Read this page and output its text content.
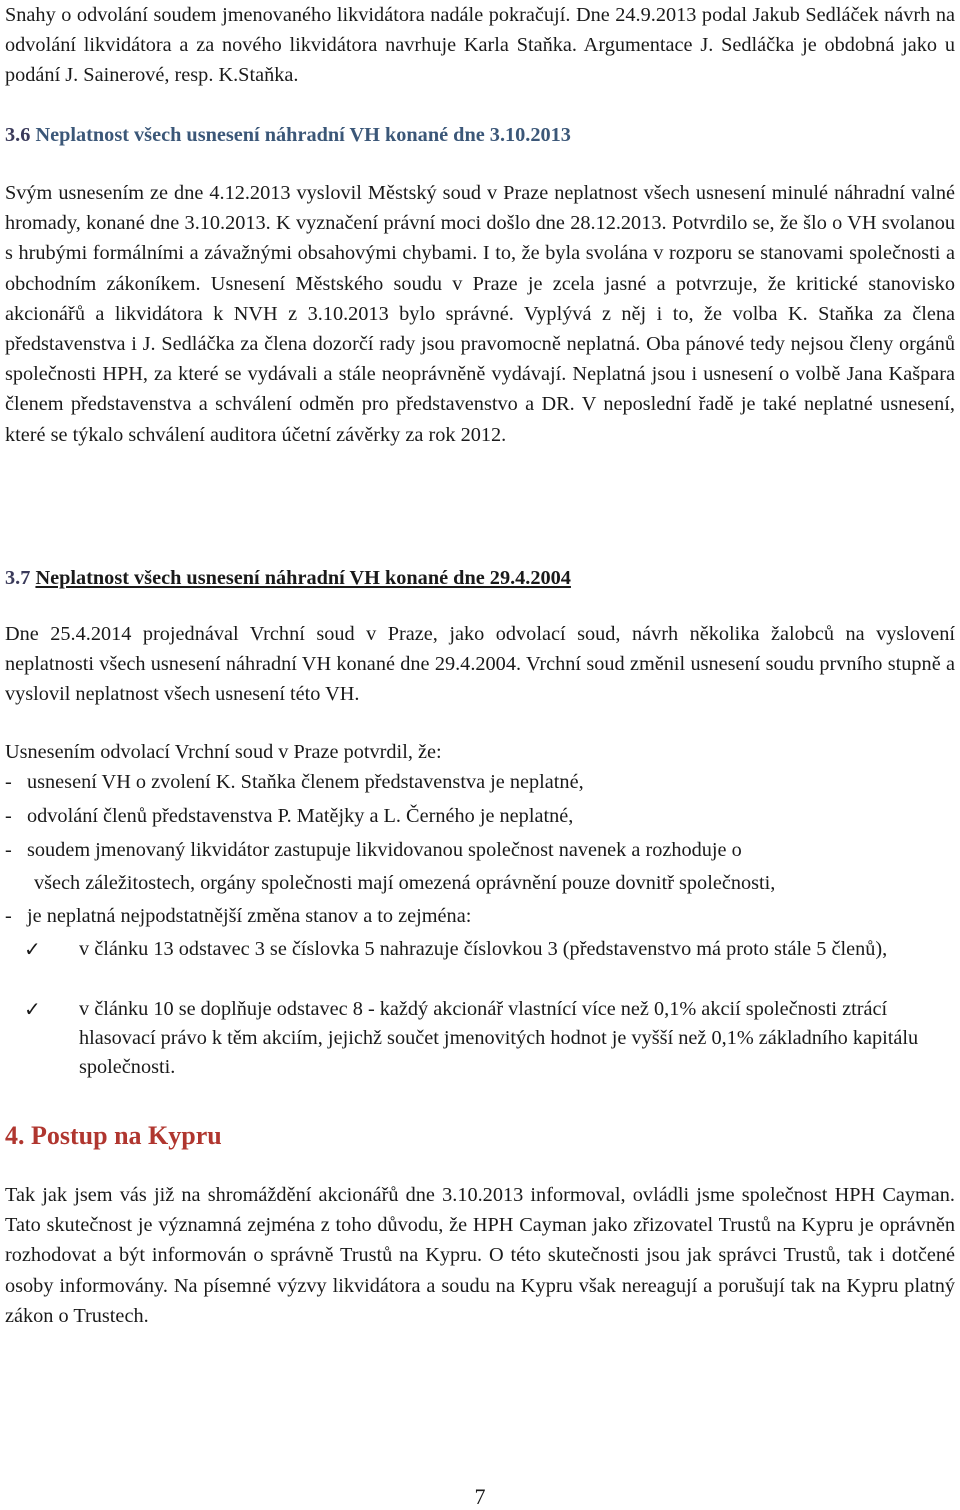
Snahy o odvolání soudem jmenovaného likvidátora nadále pokračují. Dne 24.9.2013 podal Jakub Sedláček návrh na odvolání likvidátora a za nového likvidátora navrhuje Karla Staňka. Argumentace J. Sedláčka je obdobná jako u podání J. Sainerové, resp. K.Staňka.

3.6 Neplatnost všech usnesení náhradní VH konané dne 3.10.2013

Svým usnesením ze dne 4.12.2013 vyslovil Městský soud v Praze neplatnost všech usnesení minulé náhradní valné hromady, konané dne 3.10.2013. K vyznačení právní moci došlo dne 28.12.2013. Potvrdilo se, že šlo o VH svolanou s hrubými formálními a závažnými obsahovými chybami. I to, že byla svolána v rozporu se stanovami společnosti a obchodním zákoníkem. Usnesení Městského soudu v Praze je zcela jasné a potvrzuje, že kritické stanovisko akcionářů a likvidátora k NVH z 3.10.2013 bylo správné. Vyplývá z něj i to, že volba K. Staňka za člena představenstva i J. Sedláčka za člena dozorčí rady jsou pravomocně neplatná. Oba pánové tedy nejsou členy orgánů společnosti HPH, za které se vydávali a stále neoprávněně vydávají. Neplatná jsou i usnesení o volbě Jana Kašpara členem představenstva a schválení odměn pro představenstvo a DR. V neposlední řadě je také neplatné usnesení, které se týkalo schválení auditora účetní závěrky za rok 2012.

3.7 Neplatnost všech usnesení náhradní VH konané dne 29.4.2004

Dne 25.4.2014 projednával Vrchní soud v Praze, jako odvolací soud, návrh několika žalobců na vyslovení neplatnosti všech usnesení náhradní VH konané dne 29.4.2004. Vrchní soud změnil usnesení soudu prvního stupně a vyslovil neplatnost všech usnesení této VH.

Usnesením odvolací Vrchní soud v Praze potvrdil, že:

- usnesení VH o zvolení K. Staňka členem představenstva je neplatné,

- odvolání členů představenstva P. Matějky a L. Černého je neplatné,

- soudem jmenovaný likvidátor zastupuje likvidovanou společnost navenek a rozhoduje o

všech záležitostech, orgány společnosti mají omezená oprávnění pouze dovnitř společnosti,

- je neplatná nejpodstatnější změna stanov a to zejména:

✓ v článku 13 odstavec 3 se číslovka 5 nahrazuje číslovkou 3 (představenstvo má proto stále 5 členů),
✓ v článku 10 se doplňuje odstavec 8 - každý akcionář vlastnící více než 0,1% akcií společnosti ztrácí hlasovací právo k těm akciím, jejichž součet jmenovitých hodnot je vyšší než 0,1% základního kapitálu společnosti.
4. Postup na Kypru

Tak jak jsem vás již na shromáždění akcionářů dne 3.10.2013 informoval, ovládli jsme společnost HPH Cayman. Tato skutečnost je významná zejména z toho důvodu, že HPH Cayman jako zřizovatel Trustů na Kypru je oprávněn rozhodovat a být informován o správně Trustů na Kypru. O této skutečnosti jsou jak správci Trustů, tak i dotčené osoby informovány. Na písemné výzvy likvidátora a soudu na Kypru však nereagují a porušují tak na Kypru platný zákon o Trustech.

7
